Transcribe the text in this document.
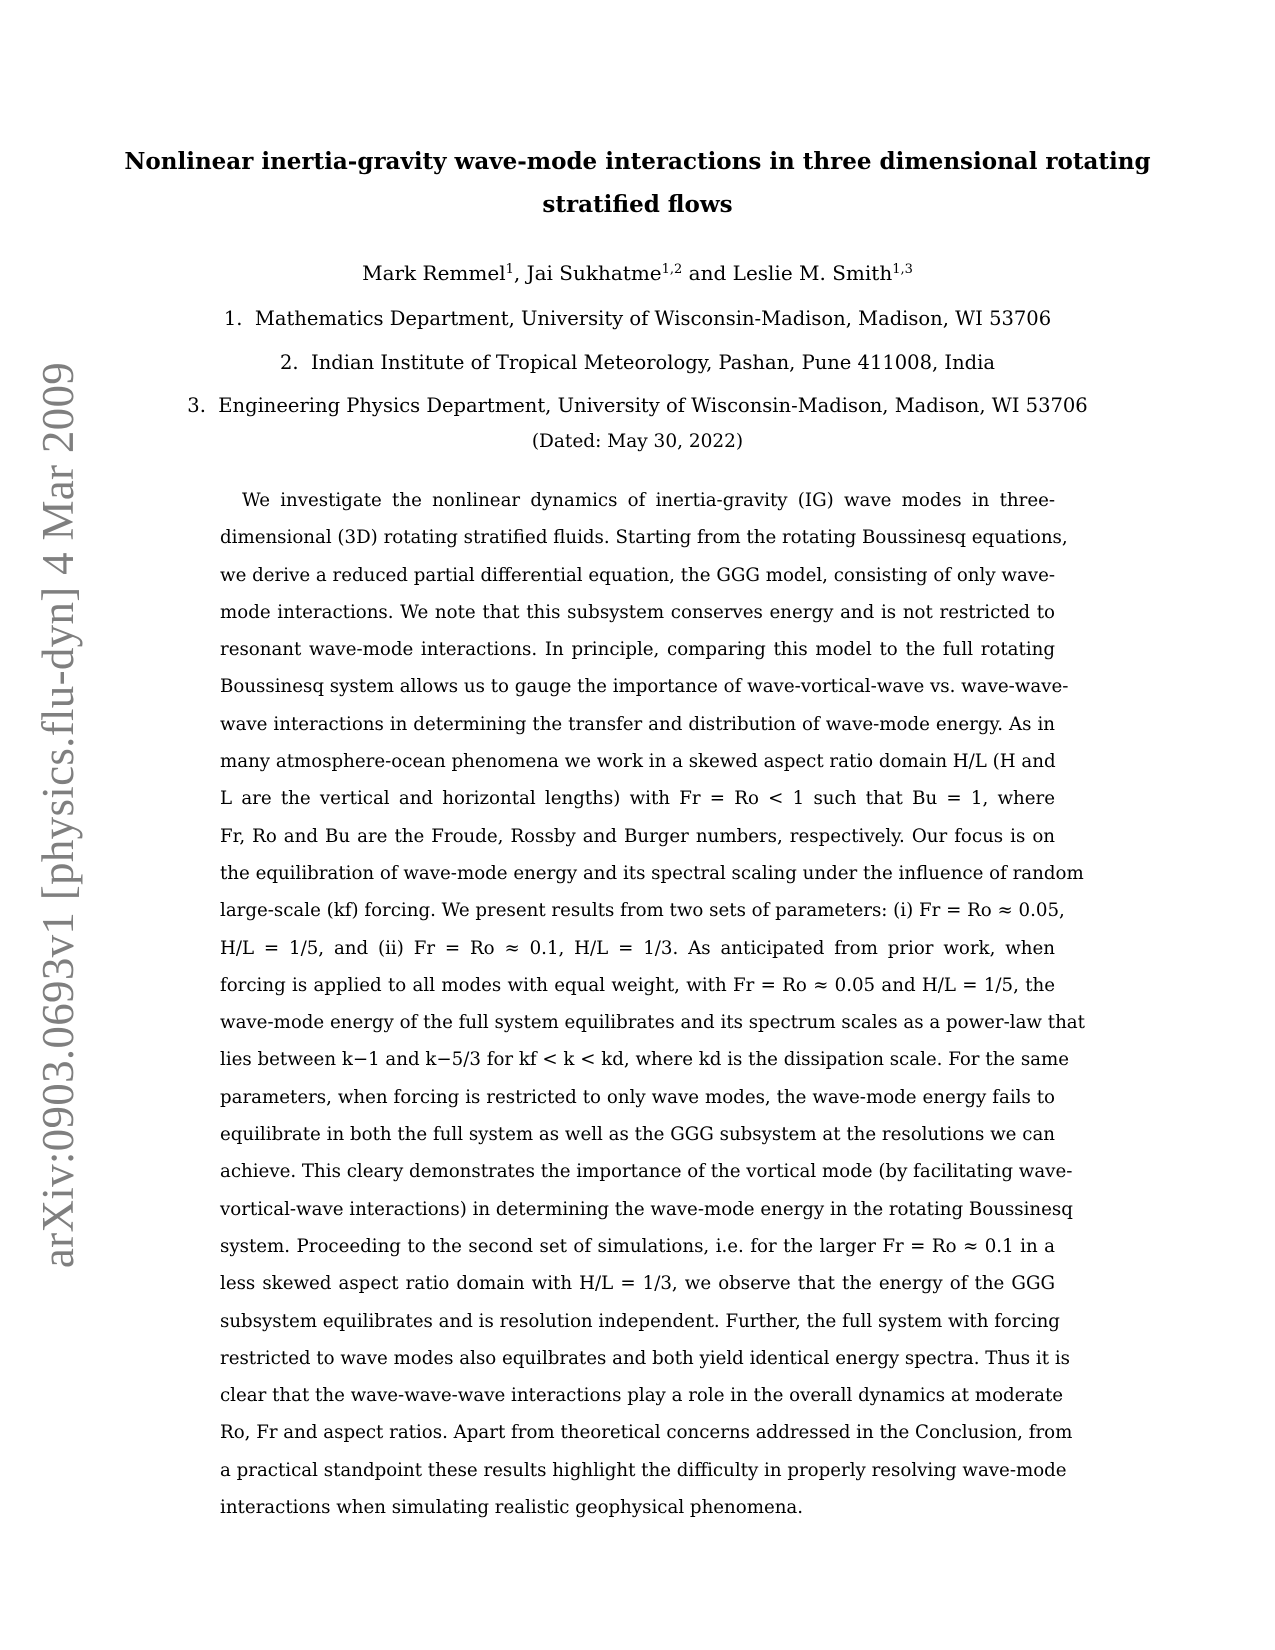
arXiv:0903.0693v1 [physics.flu-dyn] 4 Mar 2009
Nonlinear inertia-gravity wave-mode interactions in three dimensional rotating
stratified flows
Mark Remmel$^1$, Jai Sukhatme$^{1,2}$ and Leslie M. Smith$^{1,3}$
1.  Mathematics Department, University of Wisconsin-Madison, Madison, WI 53706
2.  Indian Institute of Tropical Meteorology, Pashan, Pune 411008, India
3.  Engineering Physics Department, University of Wisconsin-Madison, Madison, WI 53706
(Dated: May 30, 2022)
We investigate the nonlinear dynamics of inertia-gravity (IG) wave modes in three-
dimensional (3D) rotating stratified fluids. Starting from the rotating Boussinesq equations,
we derive a reduced partial differential equation, the GGG model, consisting of only wave-
mode interactions. We note that this subsystem conserves energy and is not restricted to
resonant wave-mode interactions. In principle, comparing this model to the full rotating
Boussinesq system allows us to gauge the importance of wave-vortical-wave vs. wave-wave-
wave interactions in determining the transfer and distribution of wave-mode energy. As in
many atmosphere-ocean phenomena we work in a skewed aspect ratio domain H/L (H and
L are the vertical and horizontal lengths) with Fr = Ro < 1 such that Bu = 1, where
Fr, Ro and Bu are the Froude, Rossby and Burger numbers, respectively. Our focus is on
the equilibration of wave-mode energy and its spectral scaling under the influence of random
large-scale (kf) forcing. We present results from two sets of parameters: (i) Fr = Ro ≈ 0.05,
H/L = 1/5, and (ii) Fr = Ro ≈ 0.1, H/L = 1/3. As anticipated from prior work, when
forcing is applied to all modes with equal weight, with Fr = Ro ≈ 0.05 and H/L = 1/5, the
wave-mode energy of the full system equilibrates and its spectrum scales as a power-law that
lies between k−1 and k−5/3 for kf < k < kd, where kd is the dissipation scale. For the same
parameters, when forcing is restricted to only wave modes, the wave-mode energy fails to
equilibrate in both the full system as well as the GGG subsystem at the resolutions we can
achieve. This cleary demonstrates the importance of the vortical mode (by facilitating wave-
vortical-wave interactions) in determining the wave-mode energy in the rotating Boussinesq
system. Proceeding to the second set of simulations, i.e. for the larger Fr = Ro ≈ 0.1 in a
less skewed aspect ratio domain with H/L = 1/3, we observe that the energy of the GGG
subsystem equilibrates and is resolution independent. Further, the full system with forcing
restricted to wave modes also equilbrates and both yield identical energy spectra. Thus it is
clear that the wave-wave-wave interactions play a role in the overall dynamics at moderate
Ro, Fr and aspect ratios. Apart from theoretical concerns addressed in the Conclusion, from
a practical standpoint these results highlight the difficulty in properly resolving wave-mode
interactions when simulating realistic geophysical phenomena.
